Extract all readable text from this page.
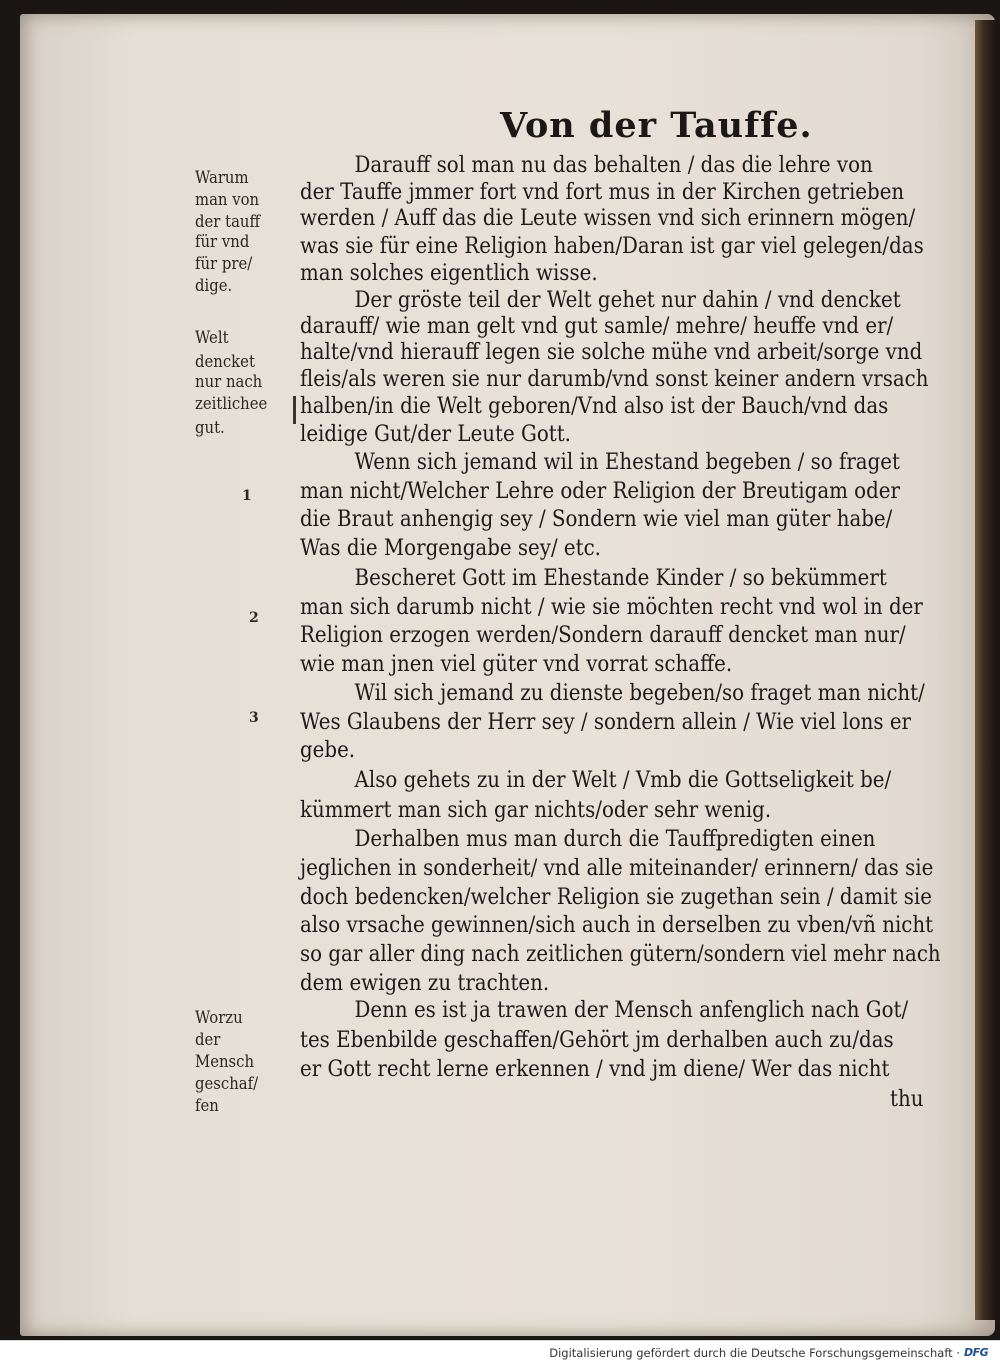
Von der Tauffe.
Darauff sol man nu das behalten / das die lehre von
der Tauffe jmmer fort vnd fort mus in der Kirchen getrieben
werden / Auff das die Leute wissen vnd sich erinnern mögen/
was sie für eine Religion haben/Daran ist gar viel gelegen/das
man solches eigentlich wisse.
Der gröste teil der Welt gehet nur dahin / vnd dencket
darauff/ wie man gelt vnd gut samle/ mehre/ heuffe vnd er/
halte/vnd hierauff legen sie solche mühe vnd arbeit/sorge vnd
fleis/als weren sie nur darumb/vnd sonst keiner andern vrsach
halben/in die Welt geboren/Vnd also ist der Bauch/vnd das
leidige Gut/der Leute Gott.
Wenn sich jemand wil in Ehestand begeben / so fraget
man nicht/Welcher Lehre oder Religion der Breutigam oder
die Braut anhengig sey / Sondern wie viel man güter habe/
Was die Morgengabe sey/ etc.
Bescheret Gott im Ehestande Kinder / so bekümmert
man sich darumb nicht / wie sie möchten recht vnd wol in der
Religion erzogen werden/Sondern darauff dencket man nur/
wie man jnen viel güter vnd vorrat schaffe.
Wil sich jemand zu dienste begeben/so fraget man nicht/
Wes Glaubens der Herr sey / sondern allein / Wie viel lons er
gebe.
Also gehets zu in der Welt / Vmb die Gottseligkeit be/
kümmert man sich gar nichts/oder sehr wenig.
Derhalben mus man durch die Tauffpredigten einen
jeglichen in sonderheit/ vnd alle miteinander/ erinnern/ das sie
doch bedencken/welcher Religion sie zugethan sein / damit sie
also vrsache gewinnen/sich auch in derselben zu vben/vñ nicht
so gar aller ding nach zeitlichen gütern/sondern viel mehr nach
dem ewigen zu trachten.
Denn es ist ja trawen der Mensch anfenglich nach Got/
tes Ebenbilde geschaffen/Gehört jm derhalben auch zu/das
er Gott recht lerne erkennen / vnd jm diene/ Wer das nicht
thu
Warum
man von
der tauff
für vnd
für pre/
dige.
Welt
dencket
nur nach
zeitlichee
gut.
Worzu
der
Mensch
geschaf/
fen
1
2
3
Digitalisierung gefördert durch die Deutsche Forschungsgemeinschaft · DFG
